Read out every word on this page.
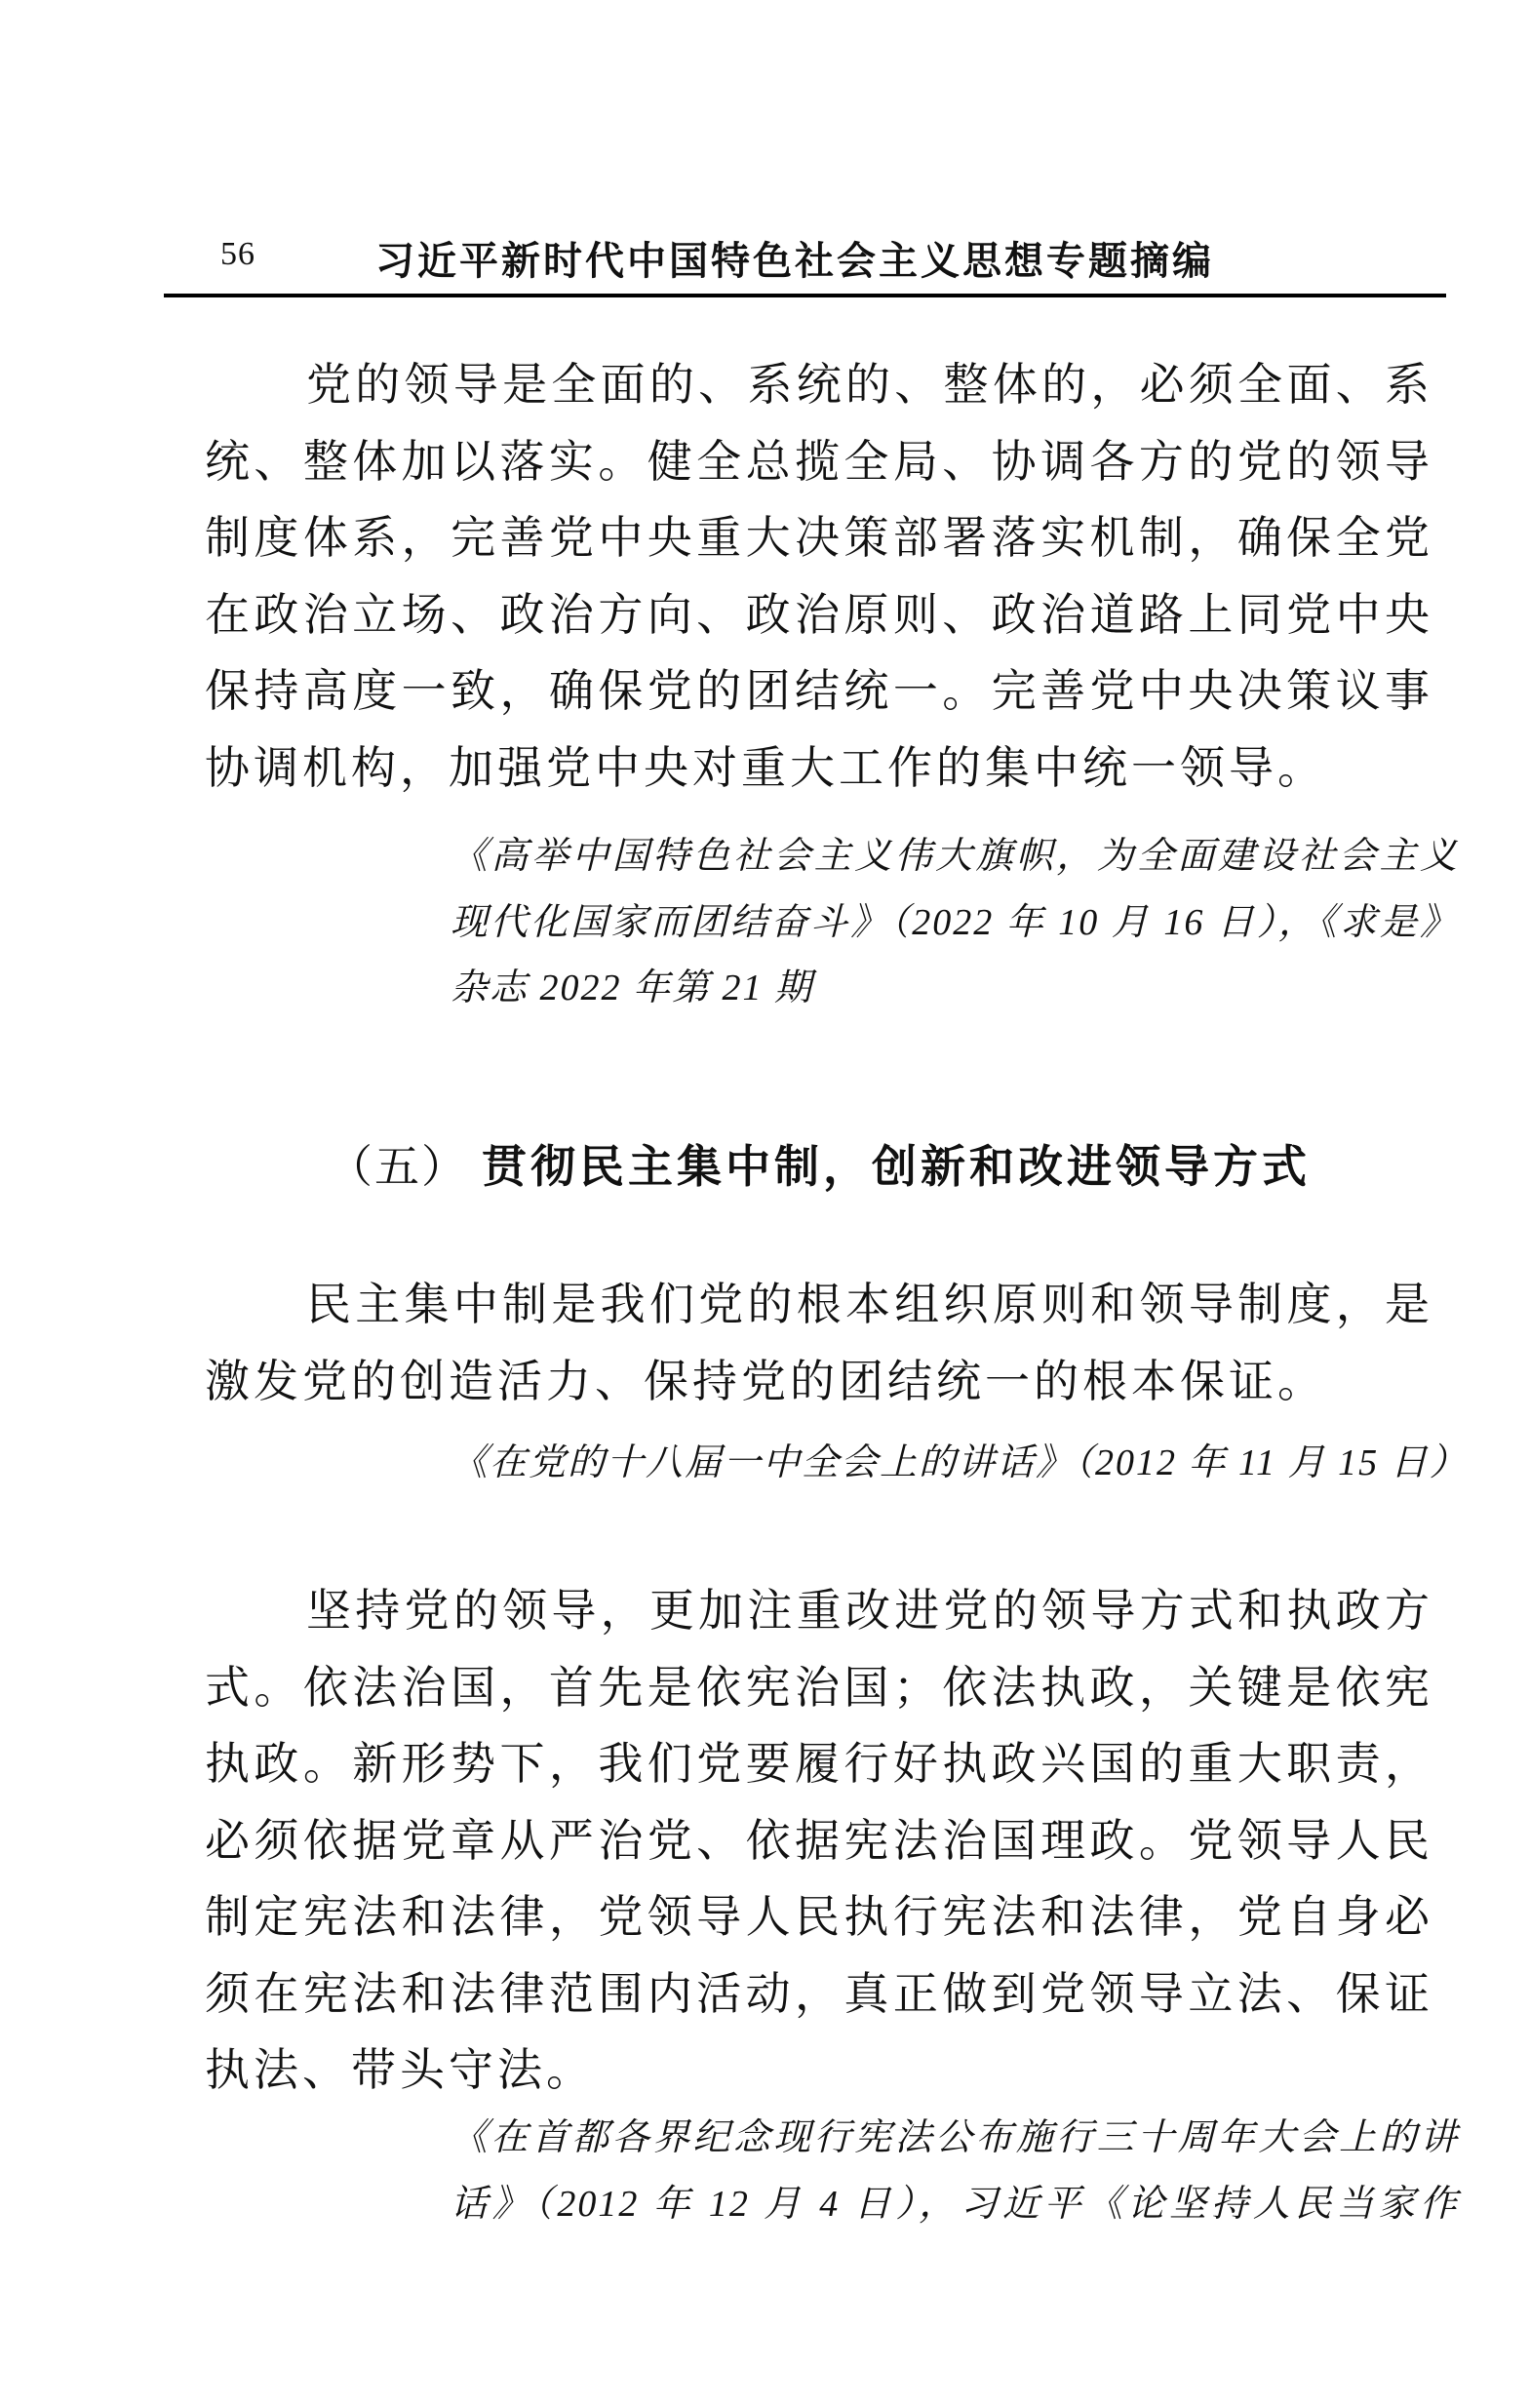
56	习近平新时代中国特色社会主义思想专题摘编
党的领导是全面的、系统的、整体的，必须全面、系
统、整体加以落实。健全总揽全局、协调各方的党的领导
制度体系，完善党中央重大决策部署落实机制，确保全党
在政治立场、政治方向、政治原则、政治道路上同党中央
保持高度一致，确保党的团结统一。完善党中央决策议事
协调机构，加强党中央对重大工作的集中统一领导。
《高举中国特色社会主义伟大旗帜，为全面建设社会主义
现代化国家而团结奋斗》（2022 年 10 月 16 日），《求是》
杂志 2022 年第 21 期
（五） 贯彻民主集中制，创新和改进领导方式
民主集中制是我们党的根本组织原则和领导制度，是
激发党的创造活力、保持党的团结统一的根本保证。
《在党的十八届一中全会上的讲话》（2012 年 11 月 15 日）
坚持党的领导，更加注重改进党的领导方式和执政方
式。依法治国，首先是依宪治国；依法执政，关键是依宪
执政。新形势下，我们党要履行好执政兴国的重大职责，
必须依据党章从严治党、依据宪法治国理政。党领导人民
制定宪法和法律，党领导人民执行宪法和法律，党自身必
须在宪法和法律范围内活动，真正做到党领导立法、保证
执法、带头守法。
《在首都各界纪念现行宪法公布施行三十周年大会上的讲
话》（2012 年 12 月 4 日），习近平《论坚持人民当家作
